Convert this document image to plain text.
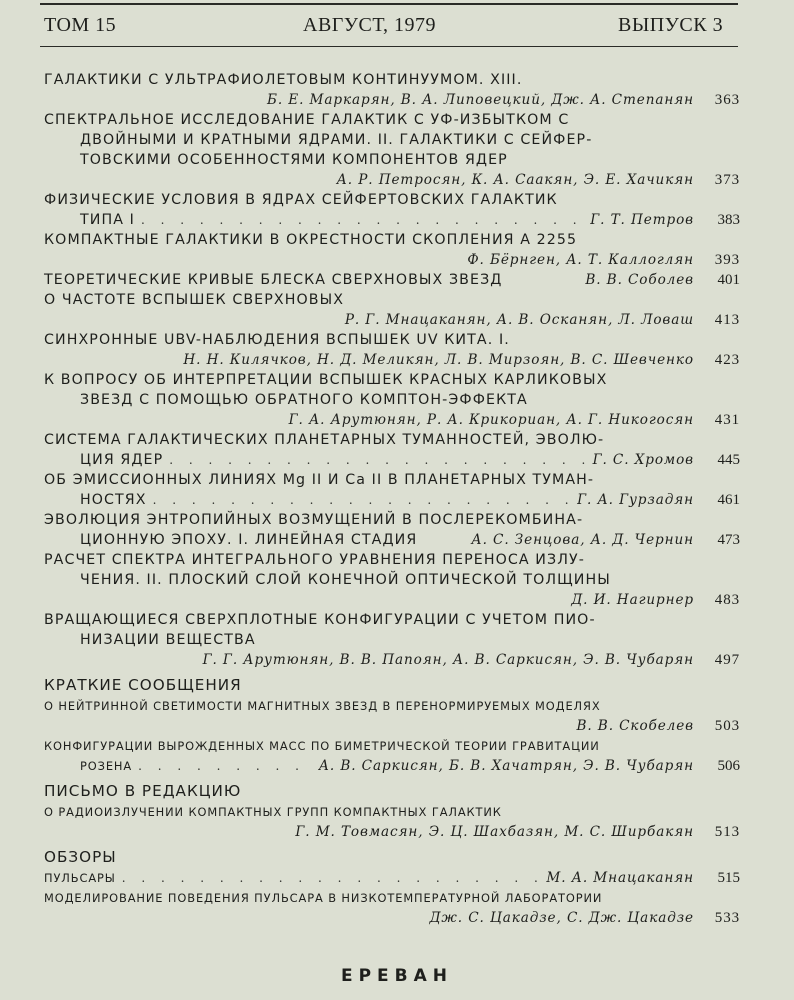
ТОМ 15	АВГУСТ, 1979	ВЫПУСК 3
ГАЛАКТИКИ С УЛЬТРАФИОЛЕТОВЫМ КОНТИНУУМОМ. XIII.
Б. Е. Маркарян, В. А. Липовецкий, Дж. А. Степанян	363
СПЕКТРАЛЬНОЕ ИССЛЕДОВАНИЕ ГАЛАКТИК С УФ-ИЗБЫТКОМ С
ДВОЙНЫМИ И КРАТНЫМИ ЯДРАМИ. II. ГАЛАКТИКИ С СЕЙФЕР-
ТОВСКИМИ ОСОБЕННОСТЯМИ КОМПОНЕНТОВ ЯДЕР
А. Р. Петросян, К. А. Саакян, Э. Е. Хачикян	373
ФИЗИЧЕСКИЕ УСЛОВИЯ В ЯДРАХ СЕЙФЕРТОВСКИХ ГАЛАКТИК
ТИПА I . . .	Г. Т. Петров	383
КОМПАКТНЫЕ ГАЛАКТИКИ В ОКРЕСТНОСТИ СКОПЛЕНИЯ А 2255
Ф. Бёрнген, А. Т. Каллоглян	393
ТЕОРЕТИЧЕСКИЕ КРИВЫЕ БЛЕСКА СВЕРХНОВЫХ ЗВЕЗД	В. В. Соболев	401
О ЧАСТОТЕ ВСПЫШЕК СВЕРХНОВЫХ
Р. Г. Мнацаканян, А. В. Осканян, Л. Ловаш	413
СИНХРОННЫЕ UBV-НАБЛЮДЕНИЯ ВСПЫШЕК UV КИТА. I.
Н. Н. Килячков, Н. Д. Меликян, Л. В. Мирзоян, В. С. Шевченко	423
К ВОПРОСУ ОБ ИНТЕРПРЕТАЦИИ ВСПЫШЕК КРАСНЫХ КАРЛИКОВЫХ
ЗВЕЗД С ПОМОЩЬЮ ОБРАТНОГО КОМПТОН-ЭФФЕКТА
Г. А. Арутюнян, Р. А. Крикориан, А. Г. Никогосян	431
СИСТЕМА ГАЛАКТИЧЕСКИХ ПЛАНЕТАРНЫХ ТУМАННОСТЕЙ, ЭВОЛЮ-
ЦИЯ ЯДЕР . . .	Г. С. Хромов	445
ОБ ЭМИССИОННЫХ ЛИНИЯХ Mg II И Ca II В ПЛАНЕТАРНЫХ ТУМАН-
НОСТЯХ . . .	Г. А. Гурзадян	461
ЭВОЛЮЦИЯ ЭНТРОПИЙНЫХ ВОЗМУЩЕНИЙ В ПОСЛЕРЕКОМБИНА-
ЦИОННУЮ ЭПОХУ. I. ЛИНЕЙНАЯ СТАДИЯ	А. С. Зенцова, А. Д. Чернин	473
РАСЧЕТ СПЕКТРА ИНТЕГРАЛЬНОГО УРАВНЕНИЯ ПЕРЕНОСА ИЗЛУ-
ЧЕНИЯ. II. ПЛОСКИЙ СЛОЙ КОНЕЧНОЙ ОПТИЧЕСКОЙ ТОЛЩИНЫ
Д. И. Нагирнер	483
ВРАЩАЮЩИЕСЯ СВЕРХПЛОТНЫЕ КОНФИГУРАЦИИ С УЧЕТОМ ПИО-
НИЗАЦИИ ВЕЩЕСТВА
Г. Г. Арутюнян, В. В. Папоян, А. В. Саркисян, Э. В. Чубарян	497
КРАТКИЕ СООБЩЕНИЯ
О НЕЙТРИННОЙ СВЕТИМОСТИ МАГНИТНЫХ ЗВЕЗД В ПЕРЕНОРМИРУЕМЫХ МОДЕЛЯХ
В. В. Скобелев	503
КОНФИГУРАЦИИ ВЫРОЖДЕННЫХ МАСС ПО БИМЕТРИЧЕСКОЙ ТЕОРИИ ГРАВИТАЦИИ
РОЗЕНА . . .	А. В. Саркисян, Б. В. Хачатрян, Э. В. Чубарян	506
ПИСЬМО В РЕДАКЦИЮ
О РАДИОИЗЛУЧЕНИИ КОМПАКТНЫХ ГРУПП КОМПАКТНЫХ ГАЛАКТИК
Г. М. Товмасян, Э. Ц. Шахбазян, М. С. Ширбакян	513
ОБЗОРЫ
ПУЛЬСАРЫ . . .	М. А. Мнацаканян	515
МОДЕЛИРОВАНИЕ ПОВЕДЕНИЯ ПУЛЬСАРА В НИЗКОТЕМПЕРАТУРНОЙ ЛАБОРАТОРИИ
Дж. С. Цакадзе, С. Дж. Цакадзе	533
ЕРЕВАН
